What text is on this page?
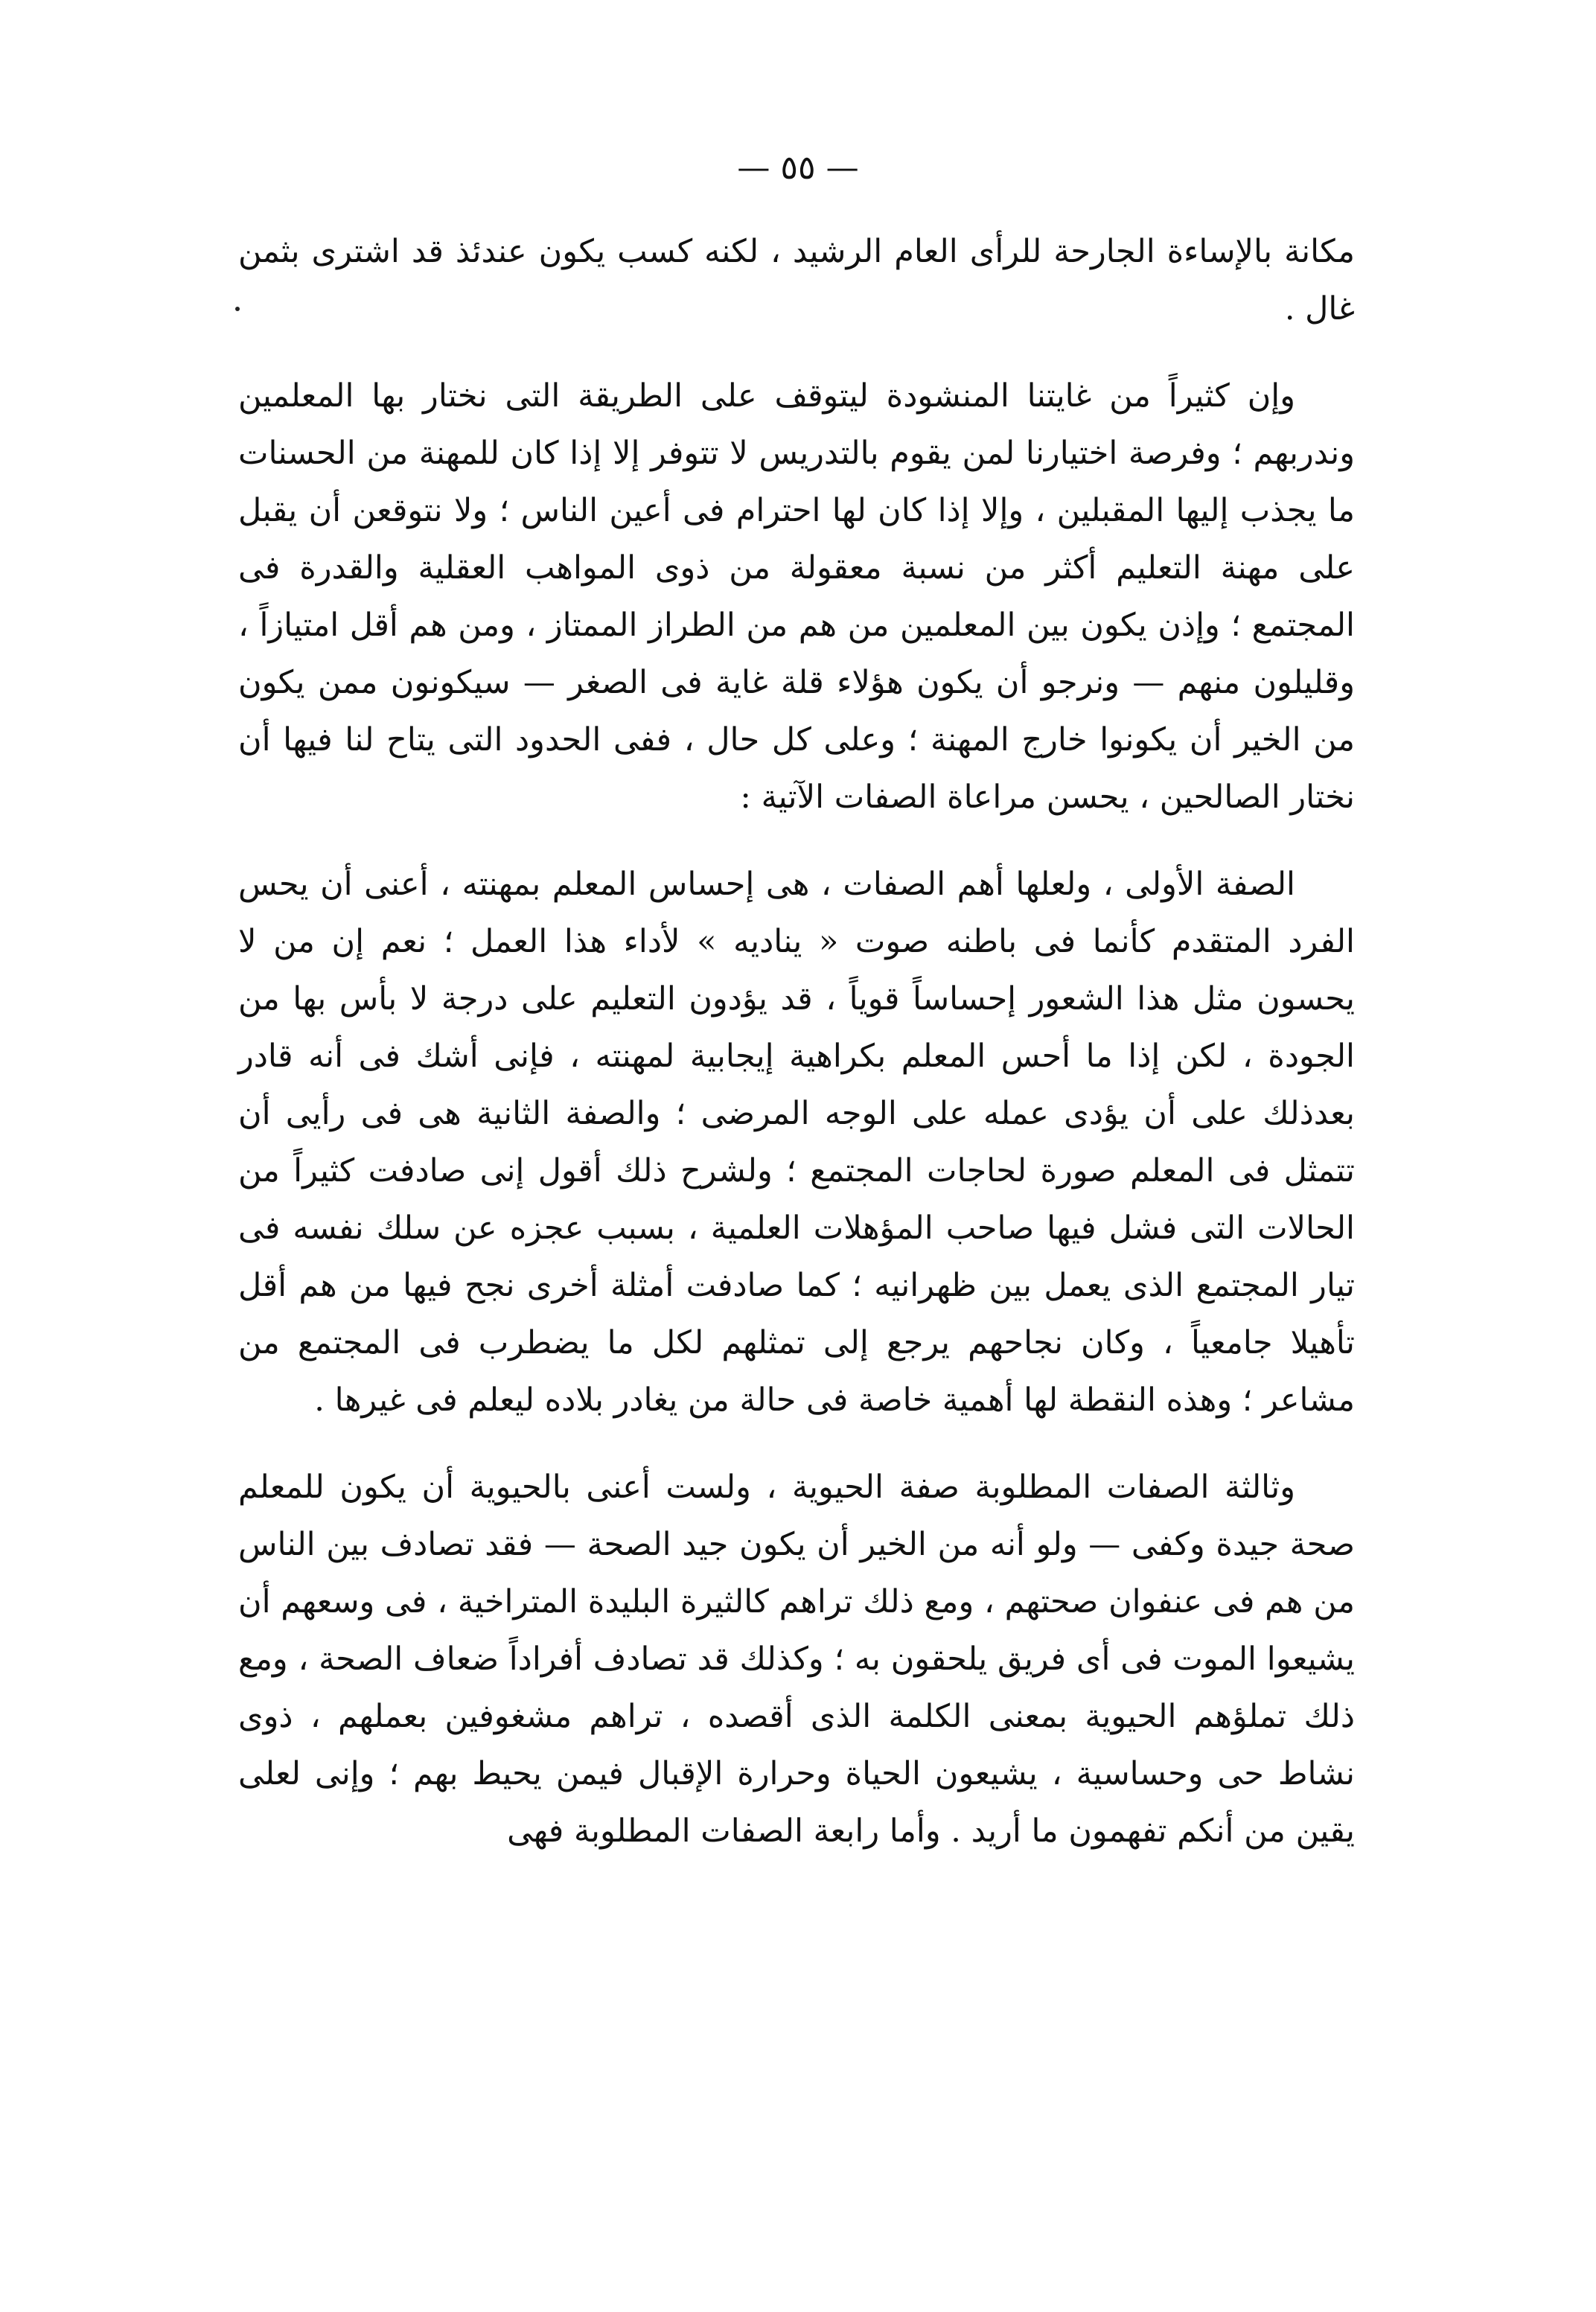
— ٥٥ —

مكانة بالإساءة الجارحة للرأى العام الرشيد ، لكنه كسب يكون عندئذ قد اشترى بثمن غال .

وإن كثيراً من غايتنا المنشودة ليتوقف على الطريقة التى نختار بها المعلمين وندربهم ؛ وفرصة اختيارنا لمن يقوم بالتدريس لا تتوفر إلا إذا كان للمهنة من الحسنات ما يجذب إليها المقبلين ، وإلا إذا كان لها احترام فى أعين الناس ؛ ولا نتوقعن أن يقبل على مهنة التعليم أكثر من نسبة معقولة من ذوى المواهب العقلية والقدرة فى المجتمع ؛ وإذن يكون بين المعلمين من هم من الطراز الممتاز ، ومن هم أقل امتيازاً ، وقليلون منهم — ونرجو أن يكون هؤلاء قلة غاية فى الصغر — سيكونون ممن يكون من الخير أن يكونوا خارج المهنة ؛ وعلى كل حال ، ففى الحدود التى يتاح لنا فيها أن نختار الصالحين ، يحسن مراعاة الصفات الآتية :

الصفة الأولى ، ولعلها أهم الصفات ، هى إحساس المعلم بمهنته ، أعنى أن يحس الفرد المتقدم كأنما فى باطنه صوت « يناديه » لأداء هذا العمل ؛ نعم إن من لا يحسون مثل هذا الشعور إحساساً قوياً ، قد يؤدون التعليم على درجة لا بأس بها من الجودة ، لكن إذا ما أحس المعلم بكراهية إيجابية لمهنته ، فإنى أشك فى أنه قادر بعدذلك على أن يؤدى عمله على الوجه المرضى ؛ والصفة الثانية هى فى رأيى أن تتمثل فى المعلم صورة لحاجات المجتمع ؛ ولشرح ذلك أقول إنى صادفت كثيراً من الحالات التى فشل فيها صاحب المؤهلات العلمية ، بسبب عجزه عن سلك نفسه فى تيار المجتمع الذى يعمل بين ظهرانيه ؛ كما صادفت أمثلة أخرى نجح فيها من هم أقل تأهيلا جامعياً ، وكان نجاحهم يرجع إلى تمثلهم لكل ما يضطرب فى المجتمع من مشاعر ؛ وهذه النقطة لها أهمية خاصة فى حالة من يغادر بلاده ليعلم فى غيرها .

وثالثة الصفات المطلوبة صفة الحيوية ، ولست أعنى بالحيوية أن يكون للمعلم صحة جيدة وكفى — ولو أنه من الخير أن يكون جيد الصحة — فقد تصادف بين الناس من هم فى عنفوان صحتهم ، ومع ذلك تراهم كالثيرة البليدة المتراخية ، فى وسعهم أن يشيعوا الموت فى أى فريق يلحقون به ؛ وكذلك قد تصادف أفراداً ضعاف الصحة ، ومع ذلك تملؤهم الحيوية بمعنى الكلمة الذى أقصده ، تراهم مشغوفين بعملهم ، ذوى نشاط حى وحساسية ، يشيعون الحياة وحرارة الإقبال فيمن يحيط بهم ؛ وإنى لعلى يقين من أنكم تفهمون ما أريد . وأما رابعة الصفات المطلوبة فهى
